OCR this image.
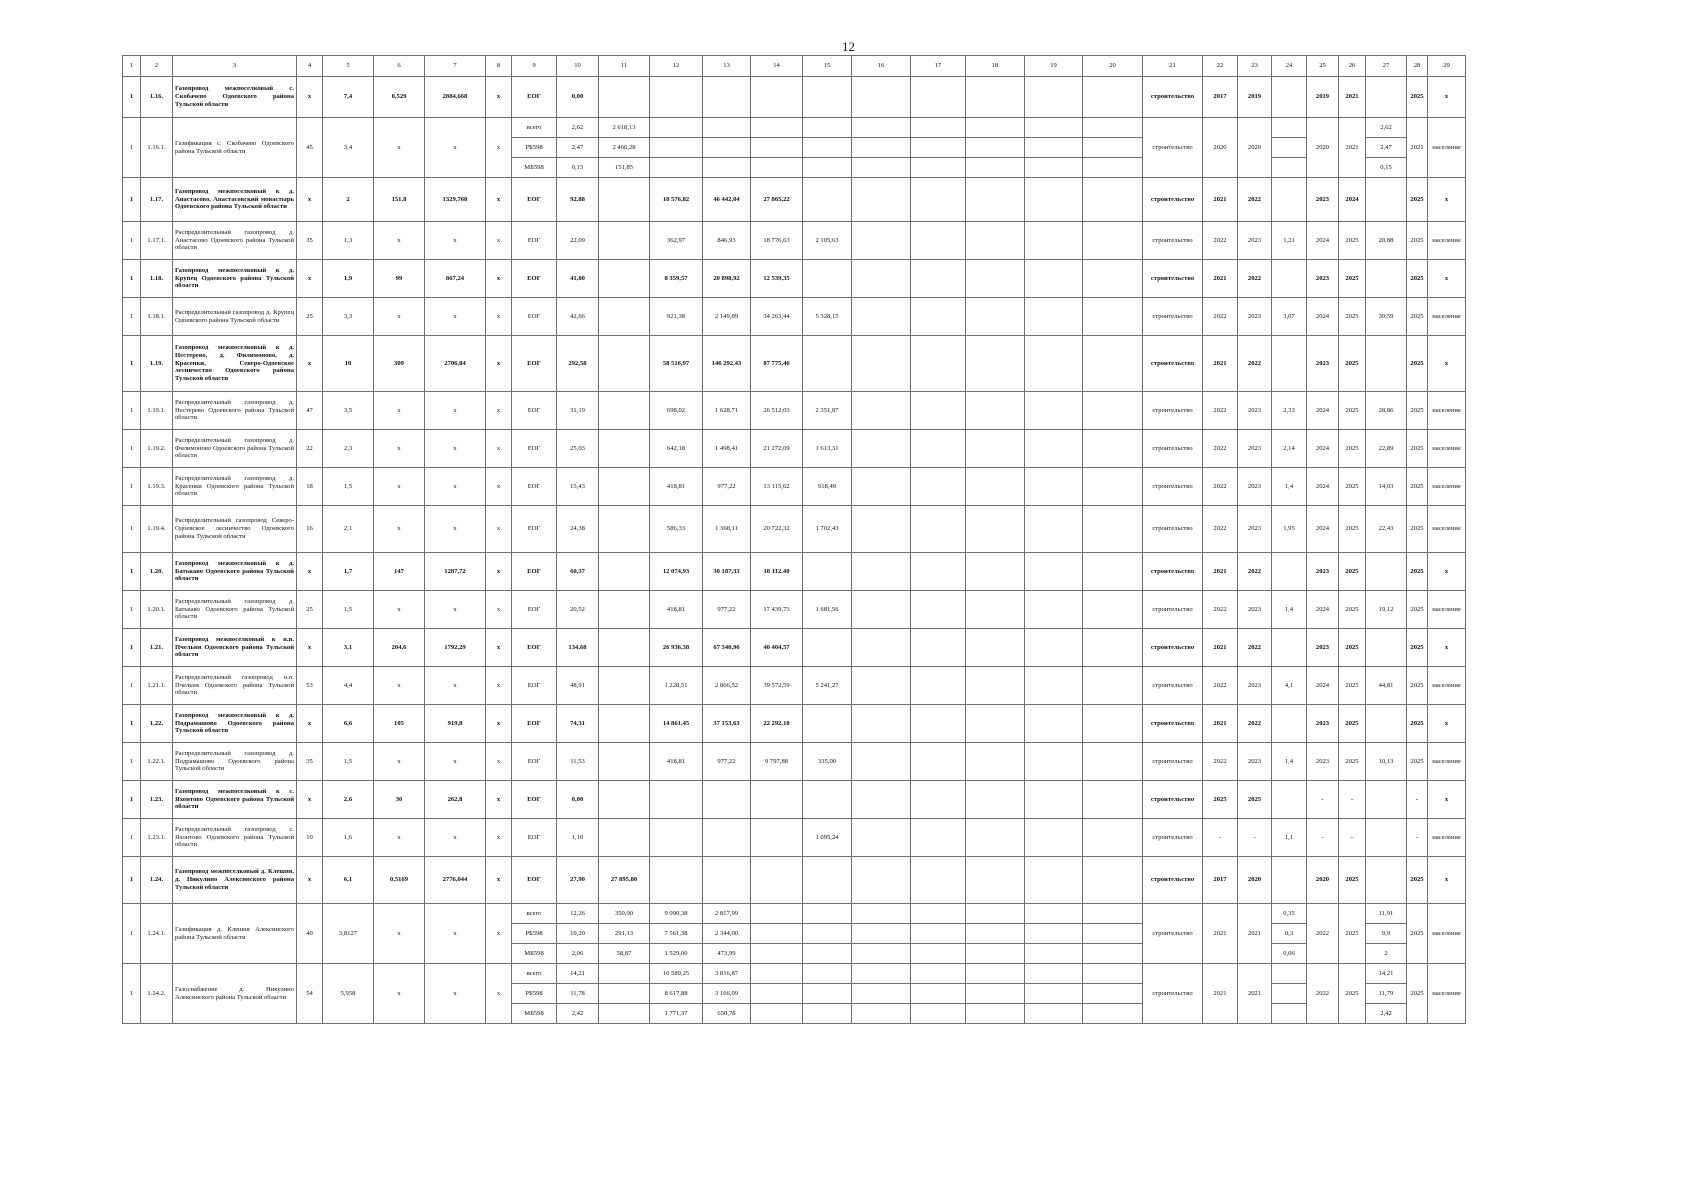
12
1	2	3	4	5	6	7	8	9	10	11	12	13	14	15	16	17	18	19	20	21	22	23	24	25	26	27	28	29
1	1.16.	Газопровод межпоселковый с. Скобачево Одоевского района Тульской области	х	7,4	0,529	2884,668	х	ЕОГ	0,00											строительство	2017	2019		2019	2021		2025	х
1	1.16.1.	Газификация с. Скобачево Одоевского района Тульской области	45	3,4	х	х	х	всего	2,62	2 618,13										строительство	2020	2020		2020	2021	2,62	2021	население
								РБ598	2,47	2 466,28																2,47		
								МБ598	0,15	151,85																0,15		
1	1.17.	Газопровод межпоселковый к д. Анастасово, Анастасовский монастырь Одоевского района Тульской области	х	2	151,8	1329,768	х	ЕОГ	92,88		18 576,82	46 442,04	27 865,22							строительство	2021	2022		2023	2024		2025	х
1	1.17.1.	Распределительный газопровод д. Анастасово Одоевского района Тульской области	35	1,3	х	х	х	ЕОГ	22,09		362,97	846,93	18 776,63	2 105,63						строительство	2022	2023	1,21	2024	2025	20,88	2025	население
1	1.18.	Газопровод межпоселковый к д. Крупец Одоевского района Тульской области	х	1,9	99	867,24	х	ЕОГ	41,80		8 359,57	20 898,92	12 539,35							строительство	2021	2022		2023	2025		2025	х
1	1.18.1.	Распределительный газопровод д. Крупец Одоевского района Тульской области	25	3,3	х	х	х	ЕОГ	42,66		921,38	2 149,89	34 263,44	5 328,15						строительство	2022	2023	3,07	2024	2025	39,59	2025	население
1	1.19.	Газопровод межпоселковый к д. Нестерево, д. Филимоново, д. Красенки, Северо-Одоевское лесничество Одоевского района Тульской области	х	10	309	2706,84	х	ЕОГ	292,58		58 516,97	146 292,43	87 775,46							строительство	2021	2022		2023	2025		2025	х
1	1.19.1.	Распределительный газопровод д. Нестерево Одоевского района Тульской области	47	3,5	х	х	х	ЕОГ	31,19		698,02	1 628,71	26 512,03	2 351,87						строительство	2022	2023	2,33	2024	2025	28,86	2025	население
1	1.19.2.	Распределительный газопровод д. Филимоново Одоевского района Тульской области	22	2,3	х	х	х	ЕОГ	25,03		642,18	1 498,41	21 272,09	1 613,31						строительство	2022	2023	2,14	2024	2025	22,89	2025	население
1	1.19.3.	Распределительный газопровод д. Красенки Одоевского района Тульской области	18	1,5	х	х	х	ЕОГ	15,43		418,81	977,22	13 115,62	918,49						строительство	2022	2023	1,4	2024	2025	14,03	2025	население
1	1.19.4.	Распределительный газопровод Северо-Одоевское лесничество Одоевского района Тульской области	16	2,1	х	х	х	ЕОГ	24,38		586,33	1 368,11	20 722,32	1 702,43						строительство	2022	2023	1,95	2024	2025	22,43	2025	население
1	1.20.	Газопровод межпоселковый к д. Батькаво Одоевского района Тульской области	х	1,7	147	1287,72	х	ЕОГ	60,37		12 074,93	30 187,33	18 112,40							строительство	2021	2022		2023	2025		2025	х
1	1.20.1.	Распределительный газопровод д. Батькаво Одоевского района Тульской области	25	1,5	х	х	х	ЕОГ	20,52		418,81	977,22	17 439,73	1 681,56						строительство	2022	2023	1,4	2024	2025	19,12	2025	население
1	1.21.	Газопровод межпоселковый к н.п. Пчельня Одоевского района Тульской области	х	3,1	204,6	1792,29	х	ЕОГ	134,68		26 936,38	67 340,96	40 404,57							строительство	2021	2022		2023	2025		2025	х
1	1.21.1.	Распределительный газопровод н.п. Пчельня Одоевского района Тульской области	53	4,4	х	х	х	ЕОГ	48,91		1 228,51	2 866,52	39 572,59	5 241,27						строительство	2022	2023	4,1	2024	2025	44,81	2025	население
1	1.22.	Газопровод межпоселковый к д. Подрамашово Одоевского района Тульской области	х	6,6	105	919,8	х	ЕОГ	74,31		14 861,45	37 153,63	22 292,18							строительство	2021	2022		2023	2025		2025	х
1	1.22.1.	Распределительный газопровод д. Подрамашово Одоевского района Тульской области	35	1,5	х	х	х	ЕОГ	11,53		418,81	977,22	9 797,88	335,00						строительство	2022	2023	1,4	2023	2025	10,13	2025	население
1	1.23.	Газопровод межпоселковый к с. Яхонтово Одоевского района Тульской области	х	2,6	30	262,8	х	ЕОГ	0,00											строительство	2025	2025		-	-		-	х
1	1.23.1.	Распределительный газопровод с. Яхонтово Одоевского района Тульской области	10	1,6	х	х	х	ЕОГ	1,10					1 095,24						строительство	-	-	1,1	-	-		-	население
1	1.24.	Газопровод межпоселковый д. Клешня, д. Никулино Алексинского района Тульской области	х	6,1	0,5169	2776,044	х	ЕОГ	27,90	27 895,80										строительство	2017	2020		2020	2025		2025	х
1	1.24.1.	Газификация д. Клешня Алексинского района Тульской области	40	3,8127	х	х	х	всего	12,26	350,00	9 090,38	2 817,99								строительство	2021	2021	0,35	2022	2025	11,91	2025	население
								РБ598	10,20	291,13	7 561,38	2 344,00											0,3			9,9		
								МБ598	2,06	58,87	1 529,00	473,99											0,06			2		
1	1.24.2.	Газоснабжение д. Никулино Алексинского района Тульской области	54	5,958	х	х	х	всего	14,21		10 589,25	3 816,87								строительство	2021	2021		2022	2025	14,21	2025	население
								РБ598	11,78		8 617,88	3 166,09														11,79		
								МБ598	2,42		1 771,37	650,78														2,42		
